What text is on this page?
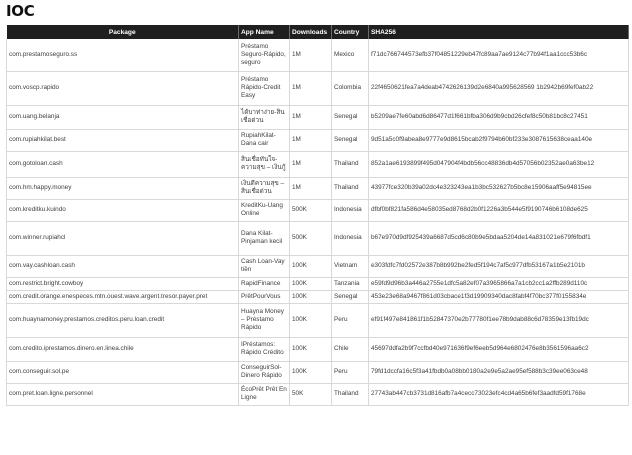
IOC
Package	App Name	Downloads	Country	SHA256
com.prestamoseguro.ss	Préstamo Seguro-Rápido, seguro	1M	Mexico	f71dc766744573efb37f04851229eb47fc89aa7ae9124c77b94f1aa1ccc53b6c
com.voscp.rapido	Préstamo Rápido-Credit Easy	1M	Colombia	22f4650621fea7a4deab4742626139d2e6840a995628569 1b2942b69fef0ab22
com.uang.belanja	ได้บาท่าง่าย-สินเชื่อด่วน	1M	Senegal	b5209ae7fe60abd6d86477d1f661bfba306d9b9cbd26cfef8c50b81bc8c27451
com.rupiahkilat.best	RupiahKilat-Dana cair	1M	Senegal	9d51a5c0f9abea8e9777e9d8615bcab2f9794b60bf233e3087615638ceaa140e
com.gotoloan.cash	สินเชื่อทันใจ-ความสุข – เงินกู้	1M	Thailand	852a1ae6193899f495d047904f4bdb56cc48836db4d57056b02352ae0a63be12
com.hm.happy.money	เงินดีความสุข – สินเชื่อด่วน	1M	Thailand	43977fce320b39a02dc4e323243ea1b3bc532627b5bc8e15906aaff5e94815ee
com.kreditku.kuindo	KreditKu-Uang Online	500K	Indonesia	dfbf0bf821fa586d4e58035ed8768d2b0f1226a3b544e5f9190746b6108de625
com.winner.rupiahcl	Dana Kilat-Pinjaman kecil	500K	Indonesia	b67e970d9df925439a6687d5cd6c80b9e5bdaa5204de14a831021e679f6fbdf1
com.vay.cashloan.cash	Cash Loan-Vay tiền	100K	Vietnam	e303fdfc7fd02572e387b8b992be2fed5f194c7af5c977dfb53167a1b5e2101b
com.restrict.bright.cowboy	RapidFinance	100K	Tanzania	e59fd9d96b3a446a2755e1dfc5a82ef07a3965866a7a1cb2cc1a2ffb289d110c
com.credit.orange.enespeces.mtn.ouest.wave.argent.tresor.payer.pret	PrêtPourVous	100K	Senegal	453e23e68a9467f861d03cbace1f3d19909340dac8fabf4f70bc377f0155834e
com.huaynamoney.prestamos.creditos.peru.loan.credit	Huayna Money – Préstamo Rápido	100K	Peru	ef91f497e841861f1b52847370e2b77780f1ee78b9dab88c6d78359e13fb19dc
com.credito.iprestamos.dinero.en.linea.chile	IPréstamos: Rápido Crédito	100K	Chile	45697ddfa2b9f7ccfbd40e971636f9ef6eeb5d964e6802476e8b3561596aa6c2
com.conseguir.sol.pe	ConseguirSol-Dinero Rápido	100K	Peru	79fd1dccfa16c5f3a41fbdb0a08bb0180a2e9e5a2ae95ef588b3c39ee063ce48
com.pret.loan.ligne.personnel	ÉcoPrêt Prêt En Ligne	50K	Thailand	27743ab447cb3731d816afb7a4cecc73023efc4cd4a65b6fef3aadfd59f1768e
